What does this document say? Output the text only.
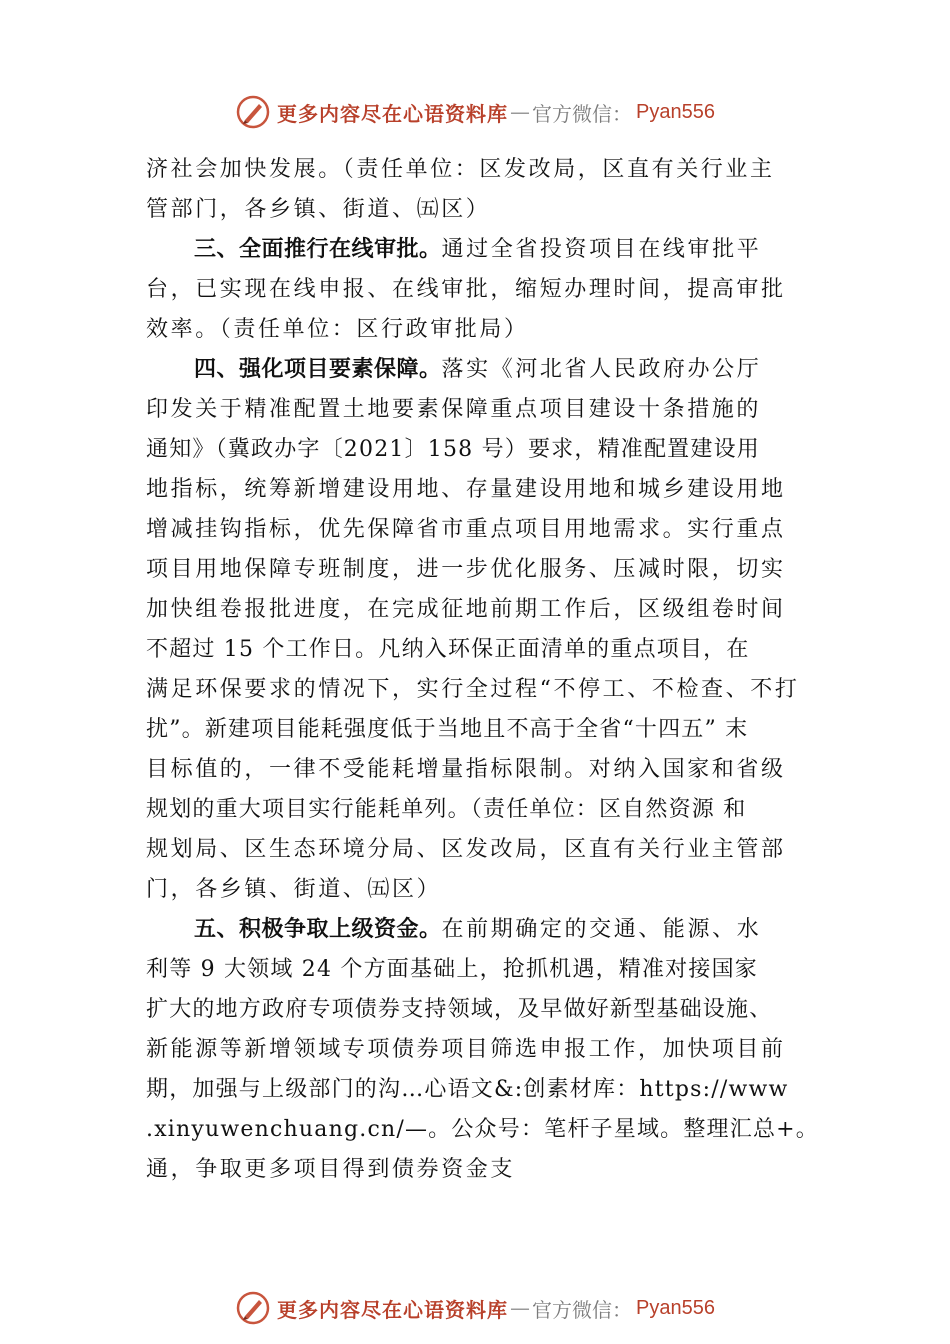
更多内容尽在心语资料库 — 官方微信： Pyan556
济社会加快发展。（责任单位：区发改局，区直有关行业主
管部门，各乡镇、街道、㈤区）
三、全面推行在线审批。通过全省投资项目在线审批平
台，已实现在线申报、在线审批，缩短办理时间，提高审批
效率。（责任单位：区行政审批局）
四、强化项目要素保障。落实《河北省人民政府办公厅
印发关于精准配置土地要素保障重点项目建设十条措施的
通知》（冀政办字〔2021〕158 号）要求，精准配置建设用
地指标，统筹新增建设用地、存量建设用地和城乡建设用地
增减挂钩指标，优先保障省市重点项目用地需求。实行重点
项目用地保障专班制度，进一步优化服务、压减时限，切实
加快组卷报批进度，在完成征地前期工作后，区级组卷时间
不超过 15 个工作日。凡纳入环保正面清单的重点项目，在
满足环保要求的情况下，实行全过程“不停工、不检查、不打
扰”。新建项目能耗强度低于当地且不高于全省“十四五” 末
目标值的，一律不受能耗增量指标限制。对纳入国家和省级
规划的重大项目实行能耗单列。（责任单位：区自然资源 和
规划局、区生态环境分局、区发改局，区直有关行业主管部
门，各乡镇、街道、㈤区）
五、积极争取上级资金。在前期确定的交通、能源、水
利等 9 大领域 24 个方面基础上，抢抓机遇，精准对接国家
扩大的地方政府专项债券支持领域，及早做好新型基础设施、
新能源等新增领域专项债券项目筛选申报工作，加快项目前
期，加强与上级部门的沟…心语文&:创素材库：https://www
.xinyuwenchuang.cn/—。公众号：笔杆子星域。整理汇总+。
通，争取更多项目得到债券资金支
更多内容尽在心语资料库 — 官方微信： Pyan556
